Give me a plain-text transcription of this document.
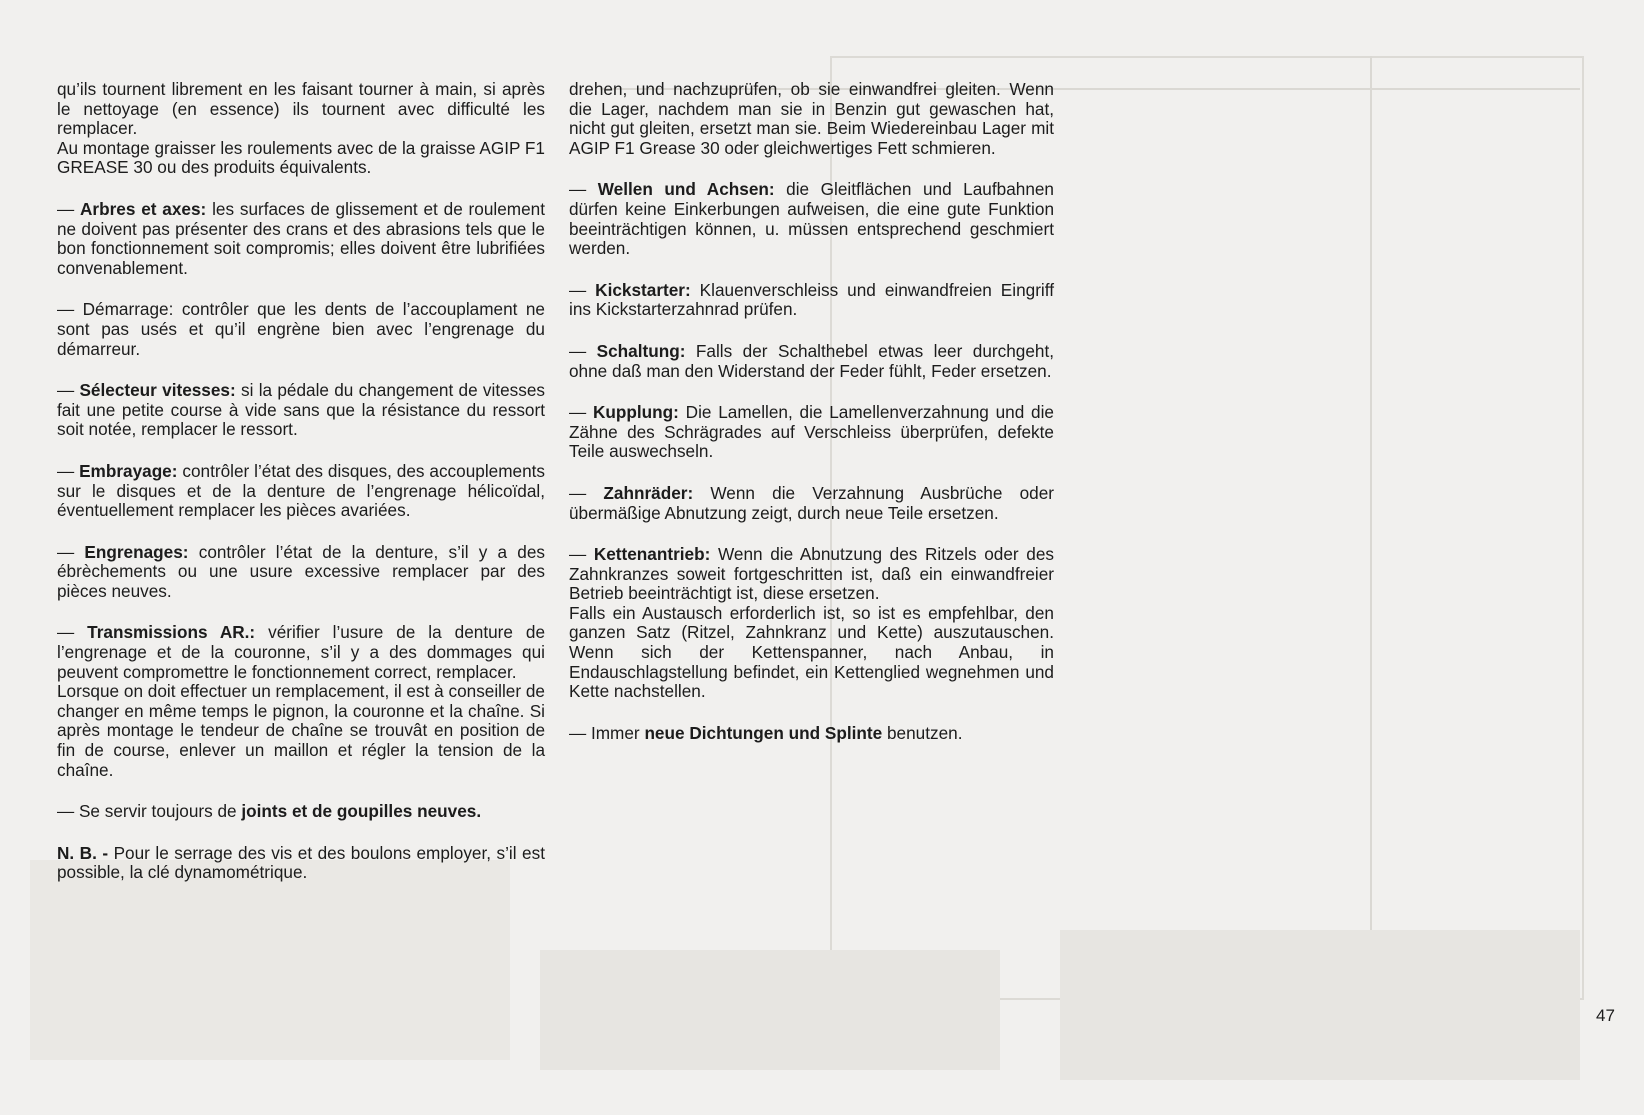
qu’ils tournent librement en les faisant tourner à main, si après le nettoyage (en essence) ils tournent avec difficulté les remplacer.

Au montage graisser les roulements avec de la graisse AGIP F1 GREASE 30 ou des produits équivalents.

— Arbres et axes: les surfaces de glissement et de roulement ne doivent pas présenter des crans et des abrasions tels que le bon fonctionnement soit compromis; elles doivent être lubrifiées convenablement.

— Démarrage: contrôler que les dents de l’accouplament ne sont pas usés et qu’il engrène bien avec l’engrenage du démarreur.

— Sélecteur vitesses: si la pédale du changement de vitesses fait une petite course à vide sans que la résistance du ressort soit notée, remplacer le ressort.

— Embrayage: contrôler l’état des disques, des accouplements sur le disques et de la denture de l’engrenage hélicoïdal, éventuellement remplacer les pièces avariées.

— Engrenages: contrôler l’état de la denture, s’il y a des ébrèchements ou une usure excessive remplacer par des pièces neuves.

— Transmissions AR.: vérifier l’usure de la denture de l’engrenage et de la couronne, s’il y a des dommages qui peuvent compromettre le fonctionnement correct, remplacer.

Lorsque on doit effectuer un remplacement, il est à conseiller de changer en même temps le pignon, la couronne et la chaîne. Si après montage le tendeur de chaîne se trouvât en position de fin de course, enlever un maillon et régler la tension de la chaîne.

— Se servir toujours de joints et de goupilles neuves.

N. B. - Pour le serrage des vis et des boulons employer, s’il est possible, la clé dynamométrique.

drehen, und nachzuprüfen, ob sie einwandfrei gleiten. Wenn die Lager, nachdem man sie in Benzin gut gewaschen hat, nicht gut gleiten, ersetzt man sie. Beim Wiedereinbau Lager mit AGIP F1 Grease 30 oder gleichwertiges Fett schmieren.

— Wellen und Achsen: die Gleitflächen und Laufbahnen dürfen keine Einkerbungen aufweisen, die eine gute Funktion beeinträchtigen können, u. müssen entsprechend geschmiert werden.

— Kickstarter: Klauenverschleiss und einwandfreien Eingriff ins Kickstarterzahnrad prüfen.

— Schaltung: Falls der Schalthebel etwas leer durchgeht, ohne daß man den Widerstand der Feder fühlt, Feder ersetzen.

— Kupplung: Die Lamellen, die Lamellenverzahnung und die Zähne des Schrägrades auf Verschleiss überprüfen, defekte Teile auswechseln.

— Zahnräder: Wenn die Verzahnung Ausbrüche oder übermäßige Abnutzung zeigt, durch neue Teile ersetzen.

— Kettenantrieb: Wenn die Abnutzung des Ritzels oder des Zahnkranzes soweit fortgeschritten ist, daß ein einwandfreier Betrieb beeinträchtigt ist, diese ersetzen.

Falls ein Austausch erforderlich ist, so ist es empfehlbar, den ganzen Satz (Ritzel, Zahnkranz und Kette) auszutauschen. Wenn sich der Kettenspanner, nach Anbau, in Endauschlagstellung befindet, ein Kettenglied wegnehmen und Kette nachstellen.

— Immer neue Dichtungen und Splinte benutzen.

47
